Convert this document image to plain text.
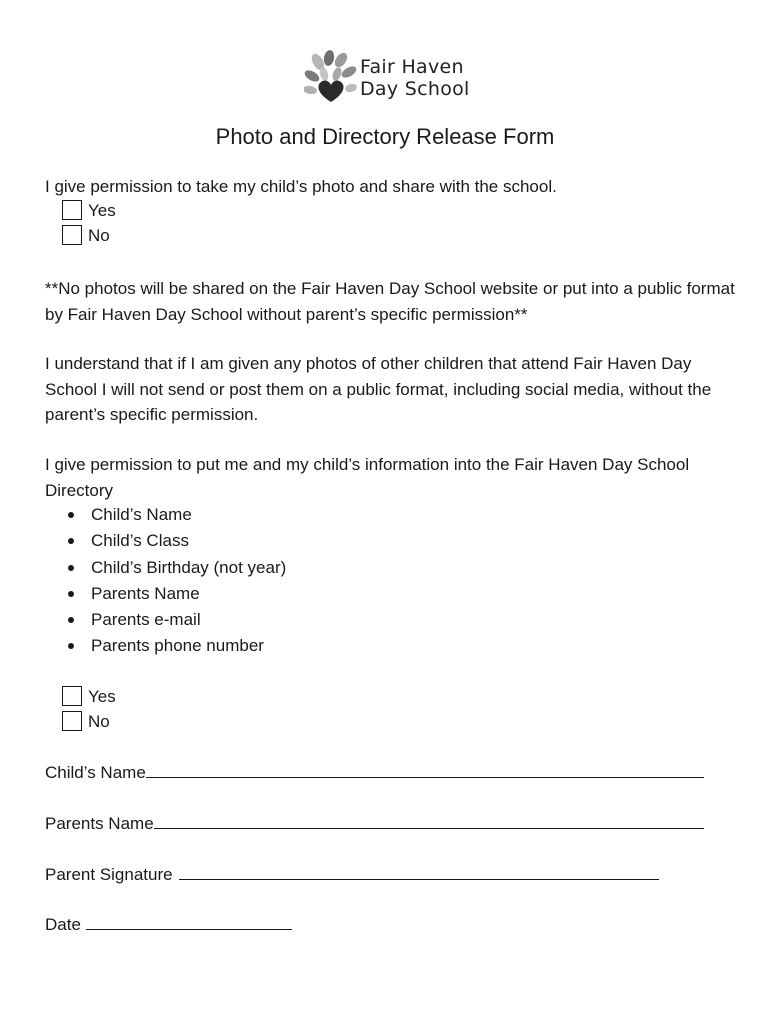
Fair Haven
Day School
Photo and Directory Release Form
I give permission to take my child’s photo and share with the school.
Yes
No
**No photos will be shared on the Fair Haven Day School website or put into a public format by Fair Haven Day School without parent’s specific permission**
I understand that if I am given any photos of other children that attend Fair Haven Day School I will not send or post them on a public format, including social media, without the parent’s specific permission.
I give permission to put me and my child’s information into the Fair Haven Day School Directory
Child’s Name
Child’s Class
Child’s Birthday (not year)
Parents Name
Parents e-mail
Parents phone number
Yes
No
Child’s Name
Parents Name
Parent Signature
Date
